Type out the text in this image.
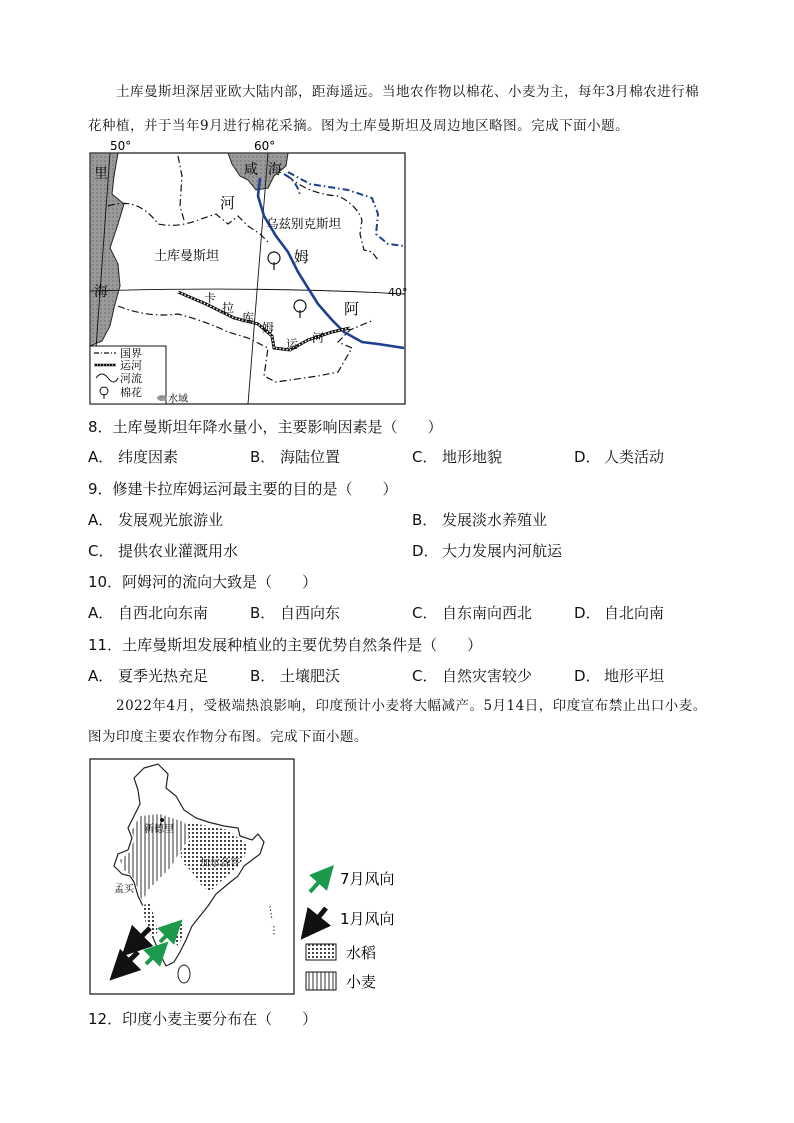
土库曼斯坦深居亚欧大陆内部，距海遥远。当地农作物以棉花、小麦为主，每年3月棉农进行棉
花种植，并于当年9月进行棉花采摘。图为土库曼斯坦及周边地区略图。完成下面小题。
50°	60°
40°
咸 海
里
海
河
乌兹别克斯坦
土库曼斯坦	姆
阿
卡
拉
库
姆
运 河
国界
运河
河流
棉花
水域
8．土库曼斯坦年降水量小，主要影响因素是（　　）
A． 纬度因素	B． 海陆位置	C． 地形地貌	D． 人类活动
9．修建卡拉库姆运河最主要的目的是（　　）
A． 发展观光旅游业	B． 发展淡水养殖业
C． 提供农业灌溉用水	D． 大力发展内河航运
10．阿姆河的流向大致是（　　）
A． 自西北向东南	B． 自西向东	C． 自东南向西北	D． 自北向南
11．土库曼斯坦发展种植业的主要优势自然条件是（　　）
A． 夏季光热充足	B． 土壤肥沃	C． 自然灾害较少	D． 地形平坦
2022年4月，受极端热浪影响，印度预计小麦将大幅减产。5月14日，印度宣布禁止出口小麦。
图为印度主要农作物分布图。完成下面小题。
新德里
加尔各答
孟买
7月风向
1月风向
水稻
小麦
12．印度小麦主要分布在（　　）
